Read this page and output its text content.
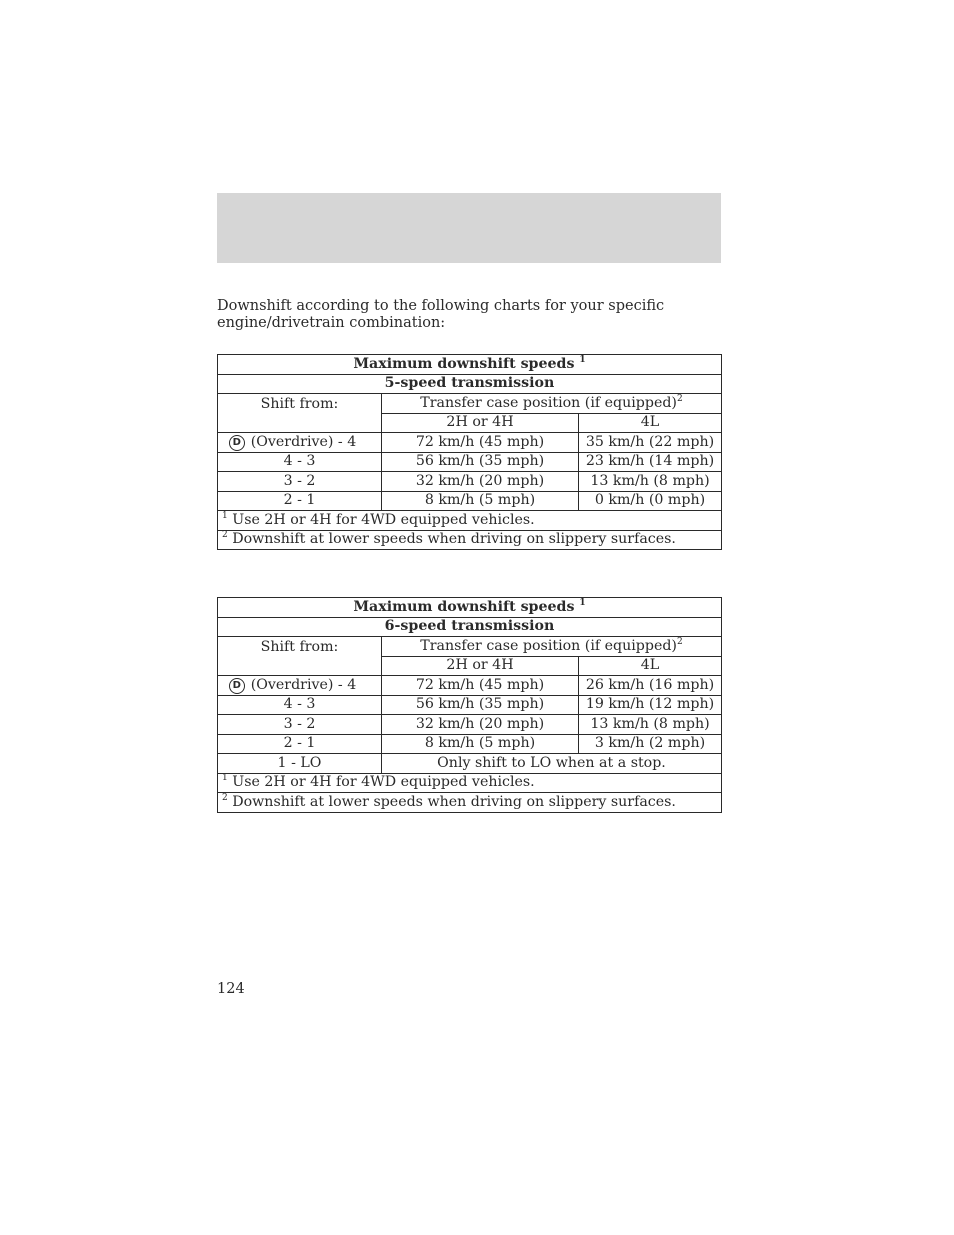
Downshift according to the following charts for your specific
engine/drivetrain combination:
Maximum downshift speeds $^1$
5-speed transmission		
Shift from:	Transfer case position (if equipped)$^2$
	2H or 4H	4L
D (Overdrive) - 4	72 km/h (45 mph)	35 km/h (22 mph)
4 - 3	56 km/h (35 mph)	23 km/h (14 mph)
3 - 2	32 km/h (20 mph)	13 km/h (8 mph)
2 - 1	8 km/h (5 mph)	0 km/h (0 mph)
$^1$ Use 2H or 4H for 4WD equipped vehicles.		
$^2$ Downshift at lower speeds when driving on slippery surfaces.		
Maximum downshift speeds $^1$
6-speed transmission		
Shift from:	Transfer case position (if equipped)$^2$
	2H or 4H	4L
D (Overdrive) - 4	72 km/h (45 mph)	26 km/h (16 mph)
4 - 3	56 km/h (35 mph)	19 km/h (12 mph)
3 - 2	32 km/h (20 mph)	13 km/h (8 mph)
2 - 1	8 km/h (5 mph)	3 km/h (2 mph)
1 - LO	Only shift to LO when at a stop.	
$^1$ Use 2H or 4H for 4WD equipped vehicles.		
$^2$ Downshift at lower speeds when driving on slippery surfaces.		
124
